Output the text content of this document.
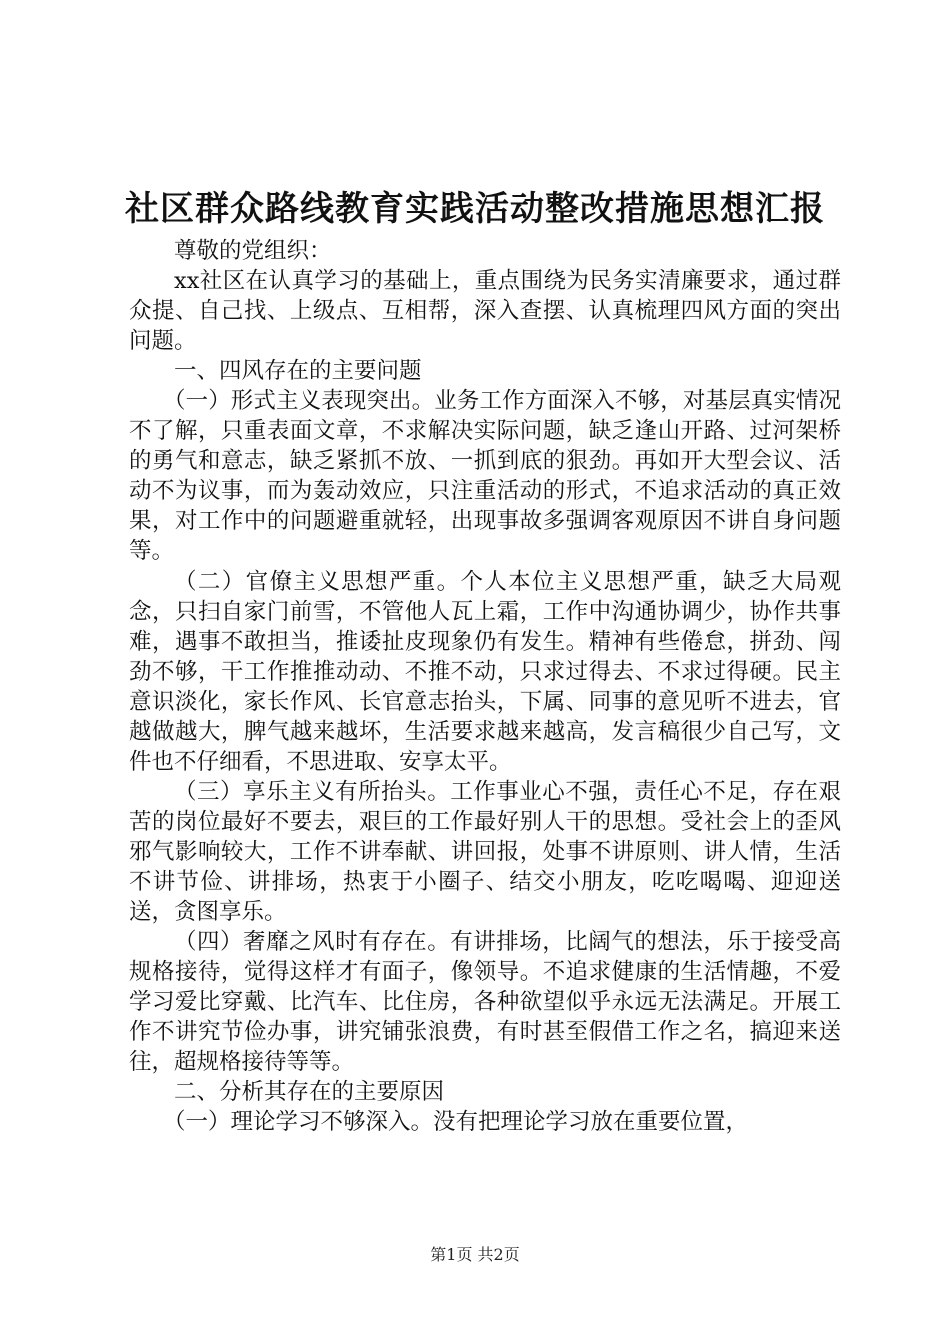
社区群众路线教育实践活动整改措施思想汇报

尊敬的党组织：

xx社区在认真学习的基础上，重点围绕为民务实清廉要求，通过群众提、自己找、上级点、互相帮，深入查摆、认真梳理四风方面的突出问题。

一、四风存在的主要问题

（一）形式主义表现突出。业务工作方面深入不够，对基层真实情况不了解，只重表面文章，不求解决实际问题，缺乏逢山开路、过河架桥的勇气和意志，缺乏紧抓不放、一抓到底的狠劲。再如开大型会议、活动不为议事，而为轰动效应，只注重活动的形式，不追求活动的真正效果，对工作中的问题避重就轻，出现事故多强调客观原因不讲自身问题等。

（二）官僚主义思想严重。个人本位主义思想严重，缺乏大局观念，只扫自家门前雪，不管他人瓦上霜，工作中沟通协调少，协作共事难，遇事不敢担当，推诿扯皮现象仍有发生。精神有些倦怠，拼劲、闯劲不够，干工作推推动动、不推不动，只求过得去、不求过得硬。民主意识淡化，家长作风、长官意志抬头，下属、同事的意见听不进去，官越做越大，脾气越来越坏，生活要求越来越高，发言稿很少自己写，文件也不仔细看，不思进取、安享太平。

（三）享乐主义有所抬头。工作事业心不强，责任心不足，存在艰苦的岗位最好不要去，艰巨的工作最好别人干的思想。受社会上的歪风邪气影响较大，工作不讲奉献、讲回报，处事不讲原则、讲人情，生活不讲节俭、讲排场，热衷于小圈子、结交小朋友，吃吃喝喝、迎迎送送，贪图享乐。

（四）奢靡之风时有存在。有讲排场，比阔气的想法，乐于接受高规格接待，觉得这样才有面子，像领导。不追求健康的生活情趣，不爱学习爱比穿戴、比汽车、比住房，各种欲望似乎永远无法满足。开展工作不讲究节俭办事，讲究铺张浪费，有时甚至假借工作之名，搞迎来送往，超规格接待等等。

二、分析其存在的主要原因

（一）理论学习不够深入。没有把理论学习放在重要位置，

第1页 共2页
